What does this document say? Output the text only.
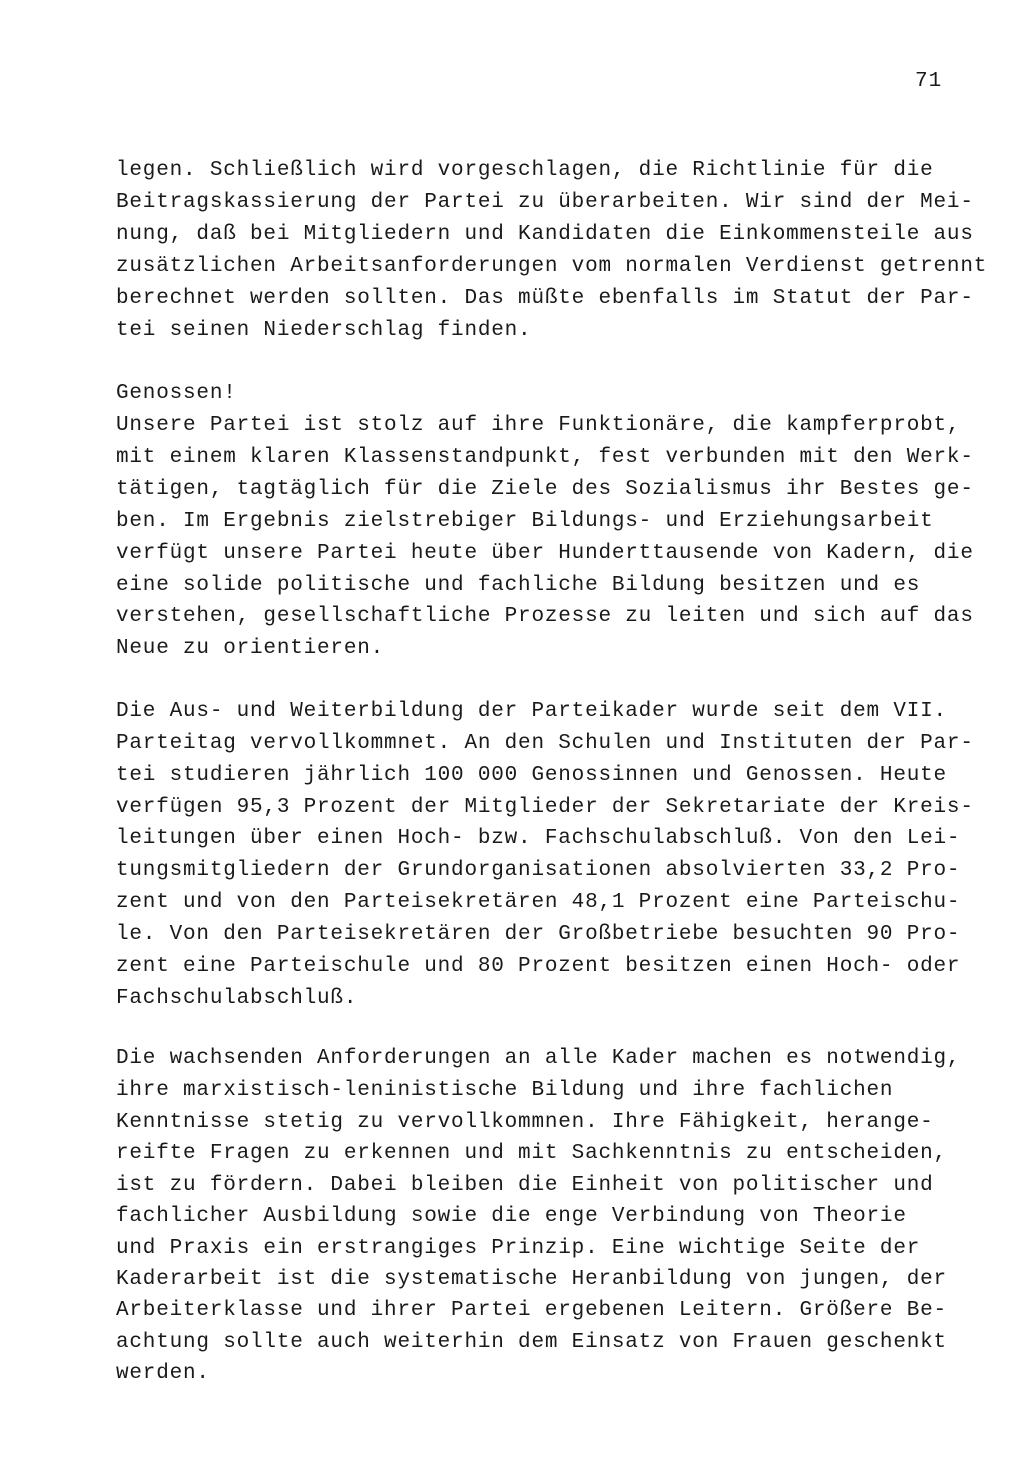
71
legen. Schließlich wird vorgeschlagen, die Richtlinie für die
Beitragskassierung der Partei zu überarbeiten. Wir sind der Mei-
nung, daß bei Mitgliedern und Kandidaten die Einkommensteile aus
zusätzlichen Arbeitsanforderungen vom normalen Verdienst getrennt
berechnet werden sollten. Das müßte ebenfalls im Statut der Par-
tei seinen Niederschlag finden.
Genossen!
Unsere Partei ist stolz auf ihre Funktionäre, die kampferprobt,
mit einem klaren Klassenstandpunkt, fest verbunden mit den Werk-
tätigen, tagtäglich für die Ziele des Sozialismus ihr Bestes ge-
ben. Im Ergebnis zielstrebiger Bildungs- und Erziehungsarbeit
verfügt unsere Partei heute über Hunderttausende von Kadern, die
eine solide politische und fachliche Bildung besitzen und es
verstehen, gesellschaftliche Prozesse zu leiten und sich auf das
Neue zu orientieren.
Die Aus- und Weiterbildung der Parteikader wurde seit dem VII.
Parteitag vervollkommnet. An den Schulen und Instituten der Par-
tei studieren jährlich 100 000 Genossinnen und Genossen. Heute
verfügen 95,3 Prozent der Mitglieder der Sekretariate der Kreis-
leitungen über einen Hoch- bzw. Fachschulabschluß. Von den Lei-
tungsmitgliedern der Grundorganisationen absolvierten 33,2 Pro-
zent und von den Parteisekretären 48,1 Prozent eine Parteischu-
le. Von den Parteisekretären der Großbetriebe besuchten 90 Pro-
zent eine Parteischule und 80 Prozent besitzen einen Hoch- oder
Fachschulabschluß.
Die wachsenden Anforderungen an alle Kader machen es notwendig,
ihre marxistisch-leninistische Bildung und ihre fachlichen
Kenntnisse stetig zu vervollkommnen. Ihre Fähigkeit, herange-
reifte Fragen zu erkennen und mit Sachkenntnis zu entscheiden,
ist zu fördern. Dabei bleiben die Einheit von politischer und
fachlicher Ausbildung sowie die enge Verbindung von Theorie
und Praxis ein erstrangiges Prinzip. Eine wichtige Seite der
Kaderarbeit ist die systematische Heranbildung von jungen, der
Arbeiterklasse und ihrer Partei ergebenen Leitern. Größere Be-
achtung sollte auch weiterhin dem Einsatz von Frauen geschenkt
werden.
